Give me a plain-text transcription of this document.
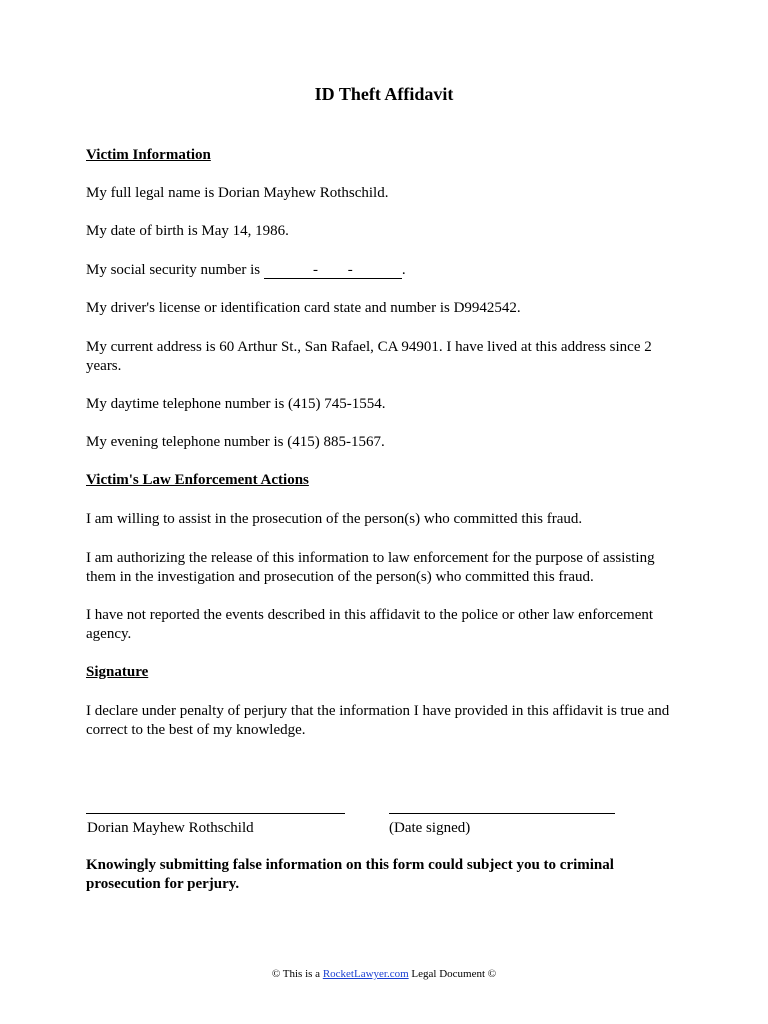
ID Theft Affidavit
Victim Information

My full legal name is Dorian Mayhew Rothschild.

My date of birth is May 14, 1986.

My social security number is	- -	.

My driver's license or identification card state and number is D9942542.

My current address is 60 Arthur St., San Rafael, CA 94901. I have lived at this address since 2 years.

My daytime telephone number is (415) 745-1554.

My evening telephone number is (415) 885-1567.

Victim's Law Enforcement Actions

I am willing to assist in the prosecution of the person(s) who committed this fraud.

I am authorizing the release of this information to law enforcement for the purpose of assisting them in the investigation and prosecution of the person(s) who committed this fraud.

I have not reported the events described in this affidavit to the police or other law enforcement agency.

Signature

I declare under penalty of perjury that the information I have provided in this affidavit is true and correct to the best of my knowledge.

Dorian Mayhew Rothschild	(Date signed)

Knowingly submitting false information on this form could subject you to criminal prosecution for perjury.

© This is a RocketLawyer.com Legal Document ©
